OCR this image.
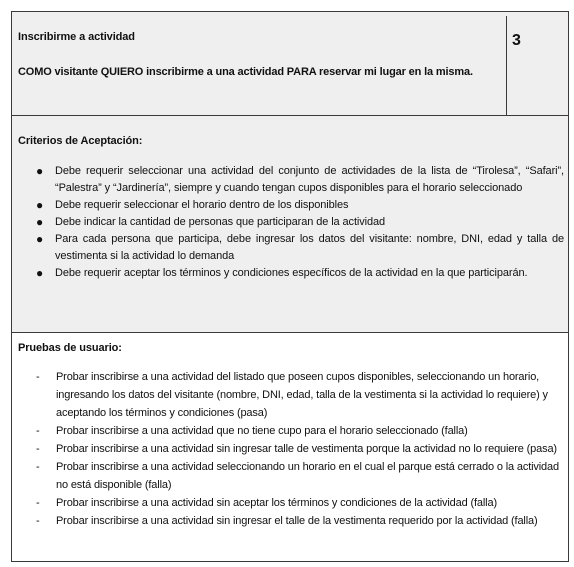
Inscribirme a actividad
COMO visitante QUIERO inscribirme a una actividad PARA reservar mi lugar en la misma.
3
Criterios de Aceptación:
● Debe requerir seleccionar una actividad del conjunto de actividades de la lista de “Tirolesa”, “Safari”, “Palestra” y “Jardinería”, siempre y cuando tengan cupos disponibles para el horario seleccionado
● Debe requerir seleccionar el horario dentro de los disponibles
● Debe indicar la cantidad de personas que participaran de la actividad
● Para cada persona que participa, debe ingresar los datos del visitante: nombre, DNI, edad y talla de vestimenta si la actividad lo demanda
● Debe requerir aceptar los términos y condiciones específicos de la actividad en la que participarán.
Pruebas de usuario:
- Probar inscribirse a una actividad del listado que poseen cupos disponibles, seleccionando un horario, ingresando los datos del visitante (nombre, DNI, edad, talla de la vestimenta si la actividad lo requiere) y aceptando los términos y condiciones (pasa)
- Probar inscribirse a una actividad que no tiene cupo para el horario seleccionado (falla)
- Probar inscribirse a una actividad sin ingresar talle de vestimenta porque la actividad no lo requiere (pasa)
- Probar inscribirse a una actividad seleccionando un horario en el cual el parque está cerrado o la actividad no está disponible (falla)
- Probar inscribirse a una actividad sin aceptar los términos y condiciones de la actividad (falla)
- Probar inscribirse a una actividad sin ingresar el talle de la vestimenta requerido por la actividad (falla)
